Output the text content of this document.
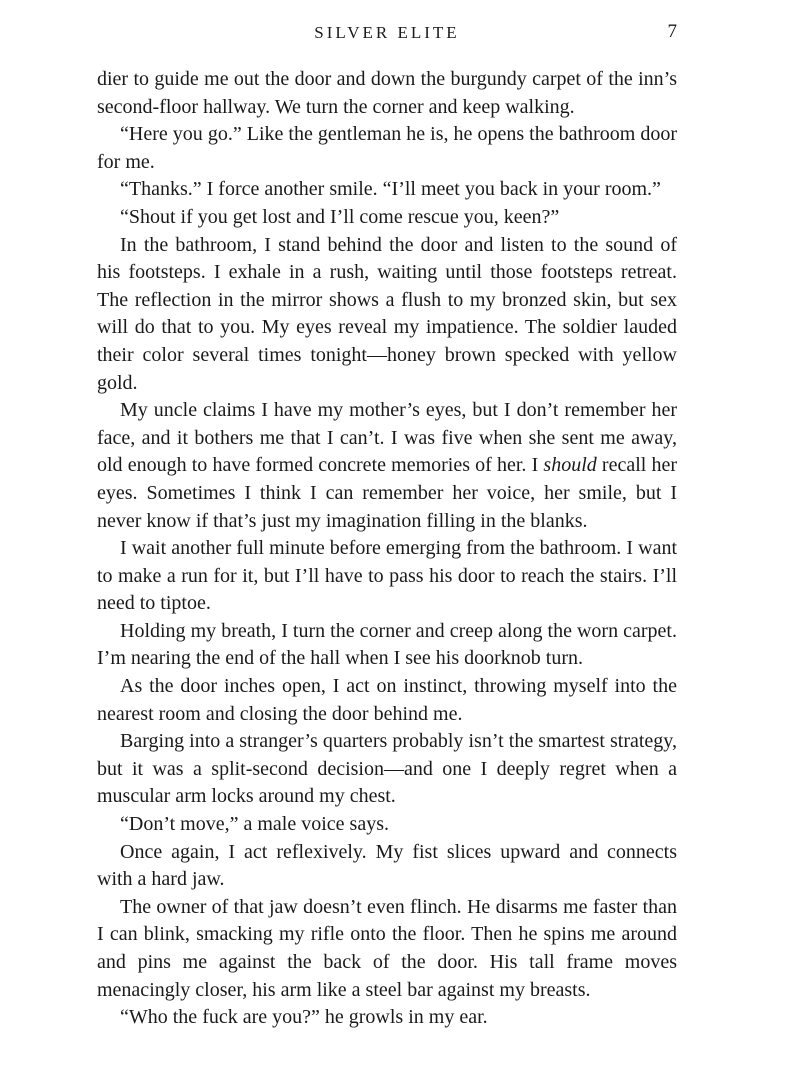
SILVER ELITE	7

dier to guide me out the door and down the burgundy carpet of the inn’s second-floor hallway. We turn the corner and keep walking.

“Here you go.” Like the gentleman he is, he opens the bathroom door for me.

“Thanks.” I force another smile. “I’ll meet you back in your room.”

“Shout if you get lost and I’ll come rescue you, keen?”

In the bathroom, I stand behind the door and listen to the sound of his footsteps. I exhale in a rush, waiting until those footsteps retreat. The reflection in the mirror shows a flush to my bronzed skin, but sex will do that to you. My eyes reveal my impatience. The soldier lauded their color several times tonight—honey brown specked with yellow gold.

My uncle claims I have my mother’s eyes, but I don’t remember her face, and it bothers me that I can’t. I was five when she sent me away, old enough to have formed concrete memories of her. I should recall her eyes. Sometimes I think I can remember her voice, her smile, but I never know if that’s just my imagination filling in the blanks.

I wait another full minute before emerging from the bathroom. I want to make a run for it, but I’ll have to pass his door to reach the stairs. I’ll need to tiptoe.

Holding my breath, I turn the corner and creep along the worn carpet. I’m nearing the end of the hall when I see his doorknob turn.

As the door inches open, I act on instinct, throwing myself into the nearest room and closing the door behind me.

Barging into a stranger’s quarters probably isn’t the smartest strategy, but it was a split-second decision—and one I deeply regret when a muscular arm locks around my chest.

“Don’t move,” a male voice says.

Once again, I act reflexively. My fist slices upward and connects with a hard jaw.

The owner of that jaw doesn’t even flinch. He disarms me faster than I can blink, smacking my rifle onto the floor. Then he spins me around and pins me against the back of the door. His tall frame moves menacingly closer, his arm like a steel bar against my breasts.

“Who the fuck are you?” he growls in my ear.
